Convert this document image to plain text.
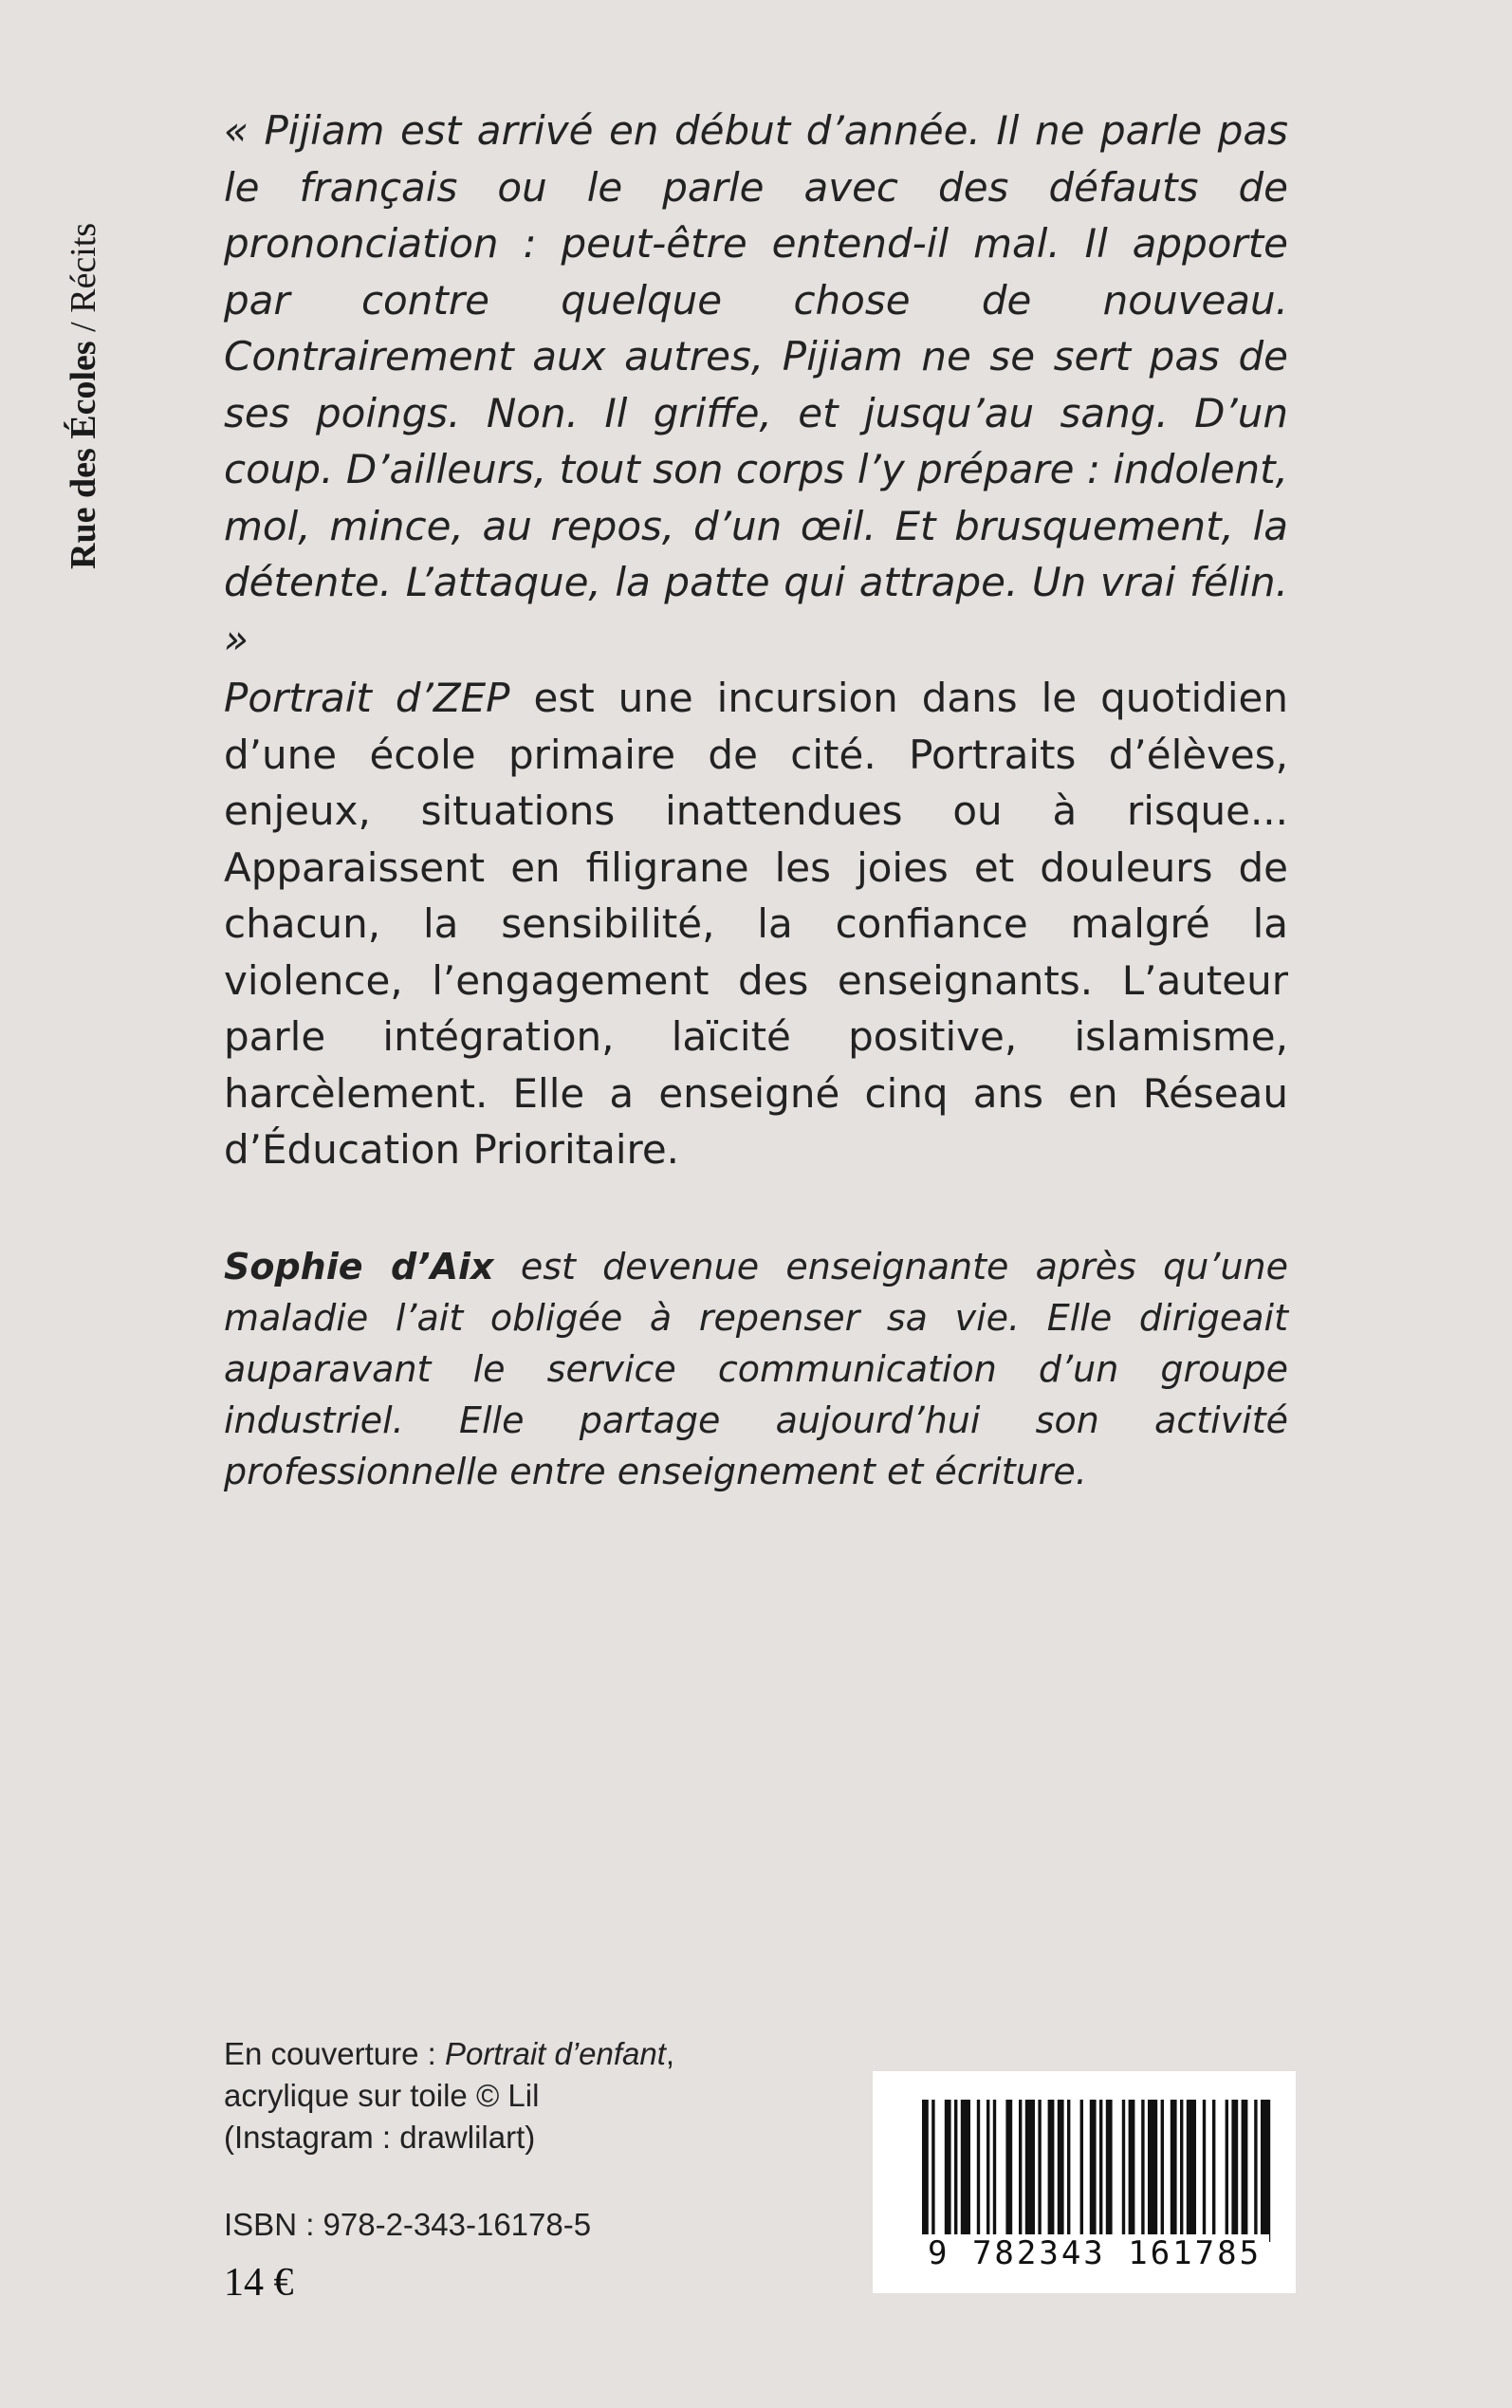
Rue des Écoles / Récits

« Pijiam est arrivé en début d’année. Il ne parle pas le français ou le parle avec des défauts de prononciation : peut-être entend-il mal. Il apporte par contre quelque chose de nouveau. Contrairement aux autres, Pijiam ne se sert pas de ses poings. Non. Il griffe, et jusqu’au sang. D’un coup. D’ailleurs, tout son corps l’y prépare : indolent, mol, mince, au repos, d’un œil. Et brusquement, la détente. L’attaque, la patte qui attrape. Un vrai félin. »

Portrait d’ZEP est une incursion dans le quotidien d’une école primaire de cité. Portraits d’élèves, enjeux, situations inattendues ou à risque... Apparaissent en filigrane les joies et douleurs de chacun, la sensibilité, la confiance malgré la violence, l’engagement des enseignants. L’auteur parle intégration, laïcité positive, islamisme, harcèlement. Elle a enseigné cinq ans en Réseau d’Éducation Prioritaire.

Sophie d’Aix est devenue enseignante après qu’une maladie l’ait obligée à repenser sa vie. Elle dirigeait auparavant le service communication d’un groupe industriel. Elle partage aujourd’hui son activité professionnelle entre enseignement et écriture.

En couverture : Portrait d’enfant,
acrylique sur toile © Lil
(Instagram : drawlilart)
ISBN : 978-2-343-16178-5
14 €
9 782343 161785
